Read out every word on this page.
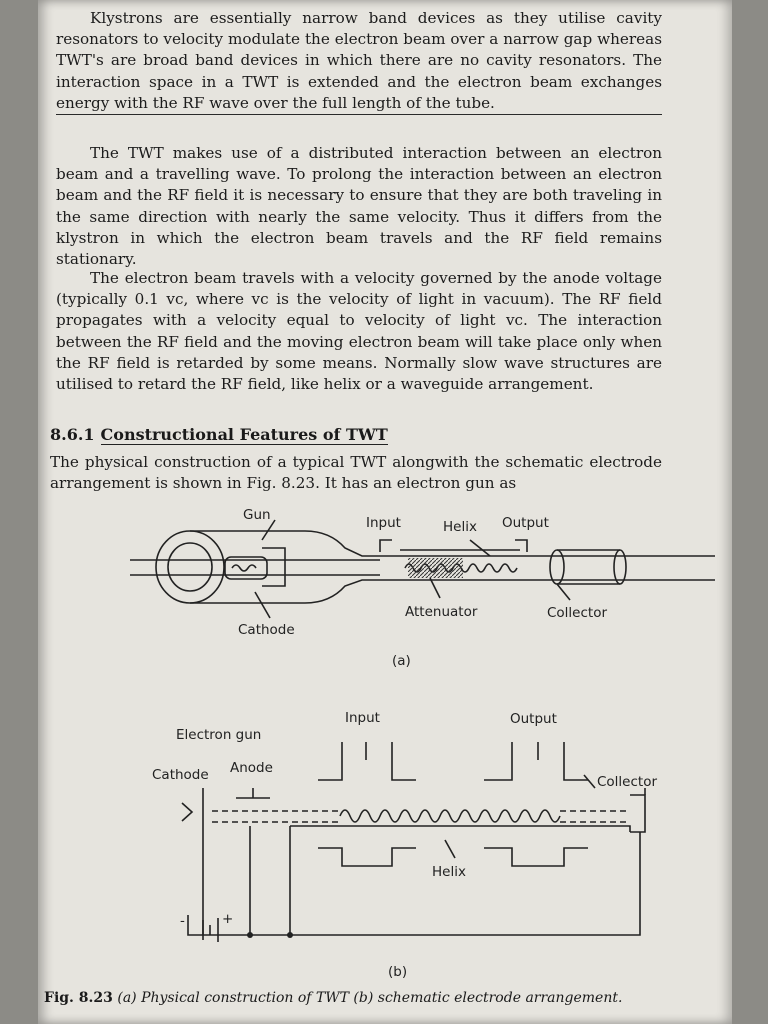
Klystrons are essentially narrow band devices as they utilise cavity resonators to velocity modulate the electron beam over a narrow gap whereas TWT's are broad band devices in which there are no cavity resonators. The interaction space in a TWT is extended and the electron beam exchanges energy with the RF wave over the full length of the tube.

The TWT makes use of a distributed interaction between an electron beam and a travelling wave. To prolong the interaction between an electron beam and the RF field it is necessary to ensure that they are both traveling in the same direction with nearly the same velocity. Thus it differs from the klystron in which the electron beam travels and the RF field remains stationary.

The electron beam travels with a velocity governed by the anode voltage (typically 0.1 vc, where vc is the velocity of light in vacuum). The RF field propagates with a velocity equal to velocity of light vc. The interaction between the RF field and the moving electron beam will take place only when the RF field is retarded by some means. Normally slow wave structures are utilised to retard the RF field, like helix or a waveguide arrangement.

8.6.1 Constructional Features of TWT

The physical construction of a typical TWT alongwith the schematic electrode arrangement is shown in Fig. 8.23. It has an electron gun as

Gun	Input	Helix Output
Attenuator	Collector
Cathode
(a)
Input	Output
Electron gun
Anode
Cathode	Collector
Helix
-	+
(b)
Fig. 8.23 (a) Physical construction of TWT (b) schematic electrode arrangement.
